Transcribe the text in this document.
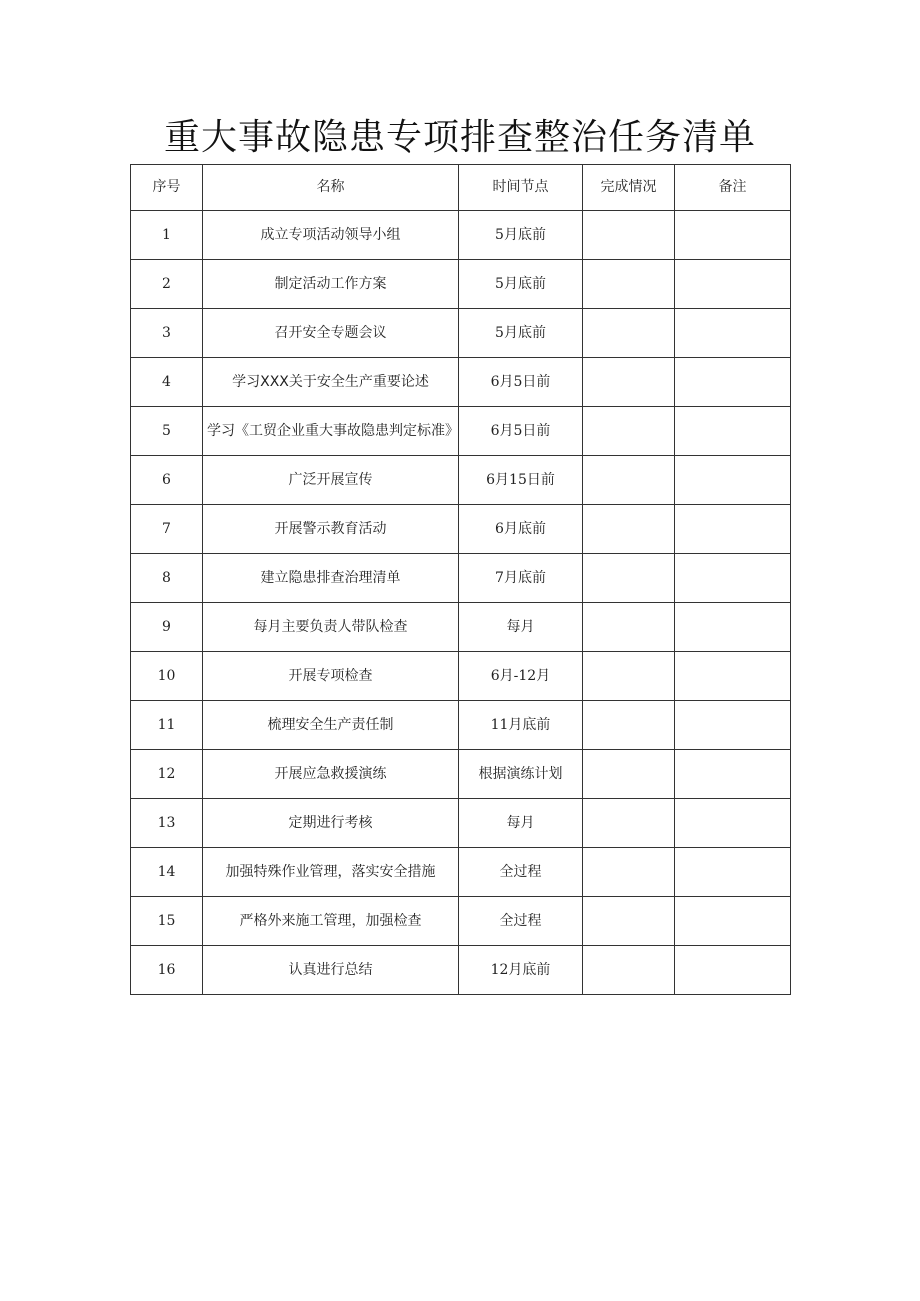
重大事故隐患专项排查整治任务清单
序号	名称	时间节点	完成情况	备注
1	成立专项活动领导小组	5月底前		
2	制定活动工作方案	5月底前		
3	召开安全专题会议	5月底前		
4	学习XXX关于安全生产重要论述	6月5日前		
5	学习《工贸企业重大事故隐患判定标准》	6月5日前		
6	广泛开展宣传	6月15日前		
7	开展警示教育活动	6月底前		
8	建立隐患排查治理清单	7月底前		
9	每月主要负责人带队检查	每月		
10	开展专项检查	6月-12月		
11	梳理安全生产责任制	11月底前		
12	开展应急救援演练	根据演练计划		
13	定期进行考核	每月		
14	加强特殊作业管理，落实安全措施	全过程		
15	严格外来施工管理，加强检查	全过程		
16	认真进行总结	12月底前		
